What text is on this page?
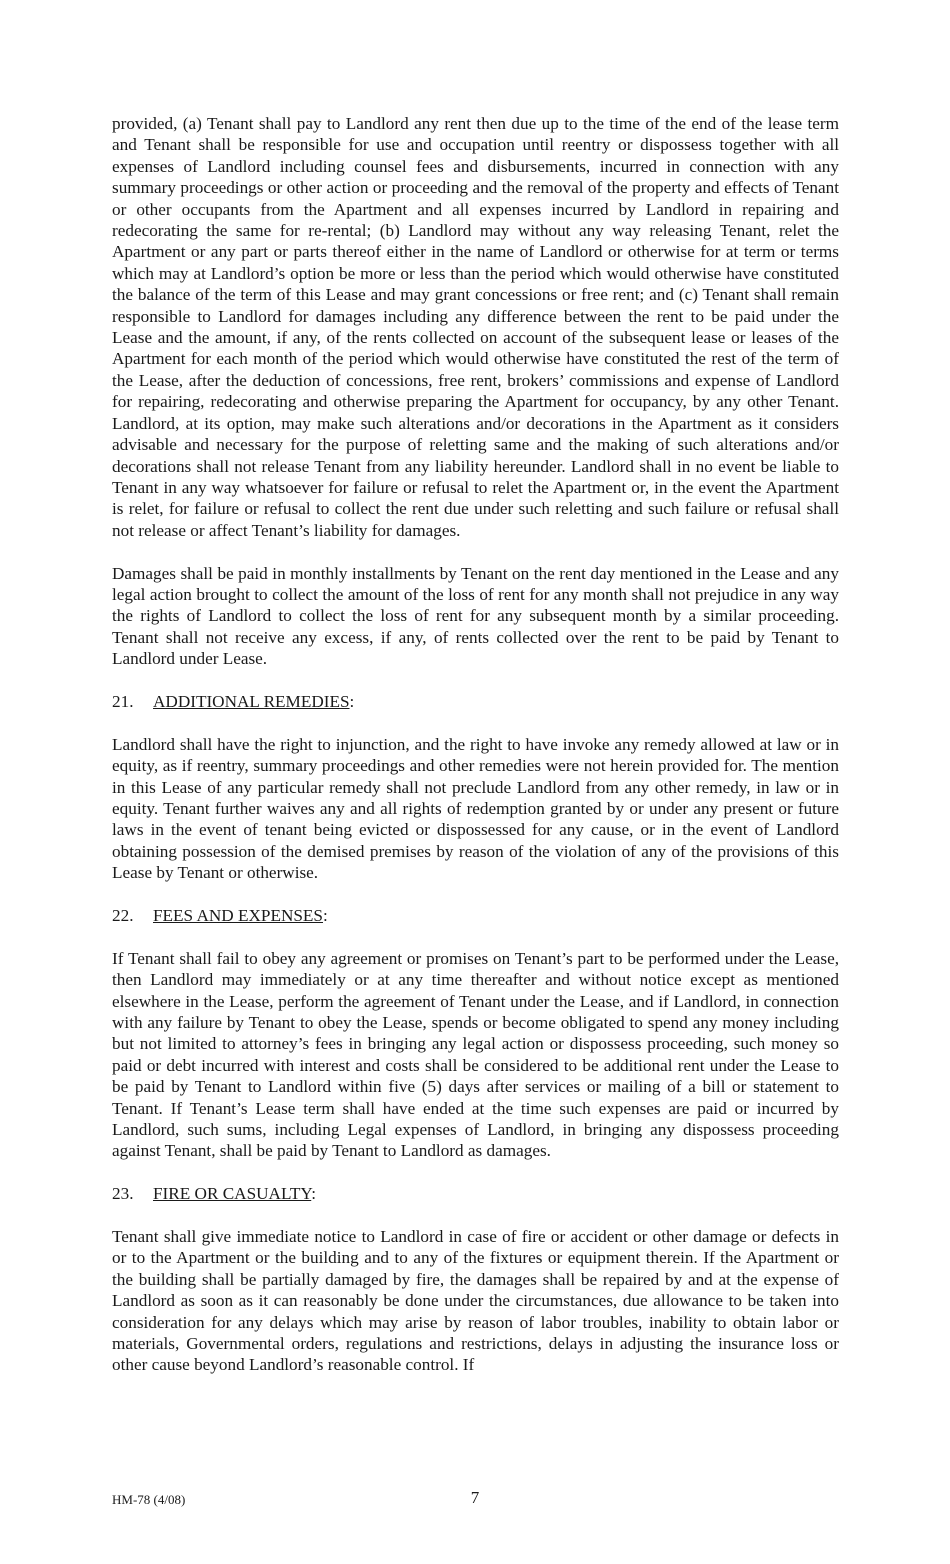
provided, (a) Tenant shall pay to Landlord any rent then due up to the time of the end of the lease term and Tenant shall be responsible for use and occupation until reentry or dispossess together with all expenses of Landlord including counsel fees and disbursements, incurred in connection with any summary proceedings or other action or proceeding and the removal of the property and effects of Tenant or other occupants from the Apartment and all expenses incurred by Landlord in repairing and redecorating the same for re-rental; (b) Landlord may without any way releasing Tenant, relet the Apartment or any part or parts thereof either in the name of Landlord or otherwise for at term or terms which may at Landlord’s option be more or less than the period which would otherwise have constituted the balance of the term of this Lease and may grant concessions or free rent; and (c) Tenant shall remain responsible to Landlord for damages including any difference between the rent to be paid under the Lease and the amount, if any, of the rents collected on account of the subsequent lease or leases of the Apartment for each month of the period which would otherwise have constituted the rest of the term of the Lease, after the deduction of concessions, free rent, brokers’ commissions and expense of Landlord for repairing, redecorating and otherwise preparing the Apartment for occupancy, by any other Tenant. Landlord, at its option, may make such alterations and/or decorations in the Apartment as it considers advisable and necessary for the purpose of reletting same and the making of such alterations and/or decorations shall not release Tenant from any liability hereunder. Landlord shall in no event be liable to Tenant in any way whatsoever for failure or refusal to relet the Apartment or, in the event the Apartment is relet, for failure or refusal to collect the rent due under such reletting and such failure or refusal shall not release or affect Tenant’s liability for damages.

Damages shall be paid in monthly installments by Tenant on the rent day mentioned in the Lease and any legal action brought to collect the amount of the loss of rent for any month shall not prejudice in any way the rights of Landlord to collect the loss of rent for any subsequent month by a similar proceeding. Tenant shall not receive any excess, if any, of rents collected over the rent to be paid by Tenant to Landlord under Lease.

21. ADDITIONAL REMEDIES:

Landlord shall have the right to injunction, and the right to have invoke any remedy allowed at law or in equity, as if reentry, summary proceedings and other remedies were not herein provided for. The mention in this Lease of any particular remedy shall not preclude Landlord from any other remedy, in law or in equity. Tenant further waives any and all rights of redemption granted by or under any present or future laws in the event of tenant being evicted or dispossessed for any cause, or in the event of Landlord obtaining possession of the demised premises by reason of the violation of any of the provisions of this Lease by Tenant or otherwise.

22. FEES AND EXPENSES:

If Tenant shall fail to obey any agreement or promises on Tenant’s part to be performed under the Lease, then Landlord may immediately or at any time thereafter and without notice except as mentioned elsewhere in the Lease, perform the agreement of Tenant under the Lease, and if Landlord, in connection with any failure by Tenant to obey the Lease, spends or become obligated to spend any money including but not limited to attorney’s fees in bringing any legal action or dispossess proceeding, such money so paid or debt incurred with interest and costs shall be considered to be additional rent under the Lease to be paid by Tenant to Landlord within five (5) days after services or mailing of a bill or statement to Tenant. If Tenant’s Lease term shall have ended at the time such expenses are paid or incurred by Landlord, such sums, including Legal expenses of Landlord, in bringing any dispossess proceeding against Tenant, shall be paid by Tenant to Landlord as damages.

23. FIRE OR CASUALTY:

Tenant shall give immediate notice to Landlord in case of fire or accident or other damage or defects in or to the Apartment or the building and to any of the fixtures or equipment therein. If the Apartment or the building shall be partially damaged by fire, the damages shall be repaired by and at the expense of Landlord as soon as it can reasonably be done under the circumstances, due allowance to be taken into consideration for any delays which may arise by reason of labor troubles, inability to obtain labor or materials, Governmental orders, regulations and restrictions, delays in adjusting the insurance loss or other cause beyond Landlord’s reasonable control. If

HM-78 (4/08)	7
